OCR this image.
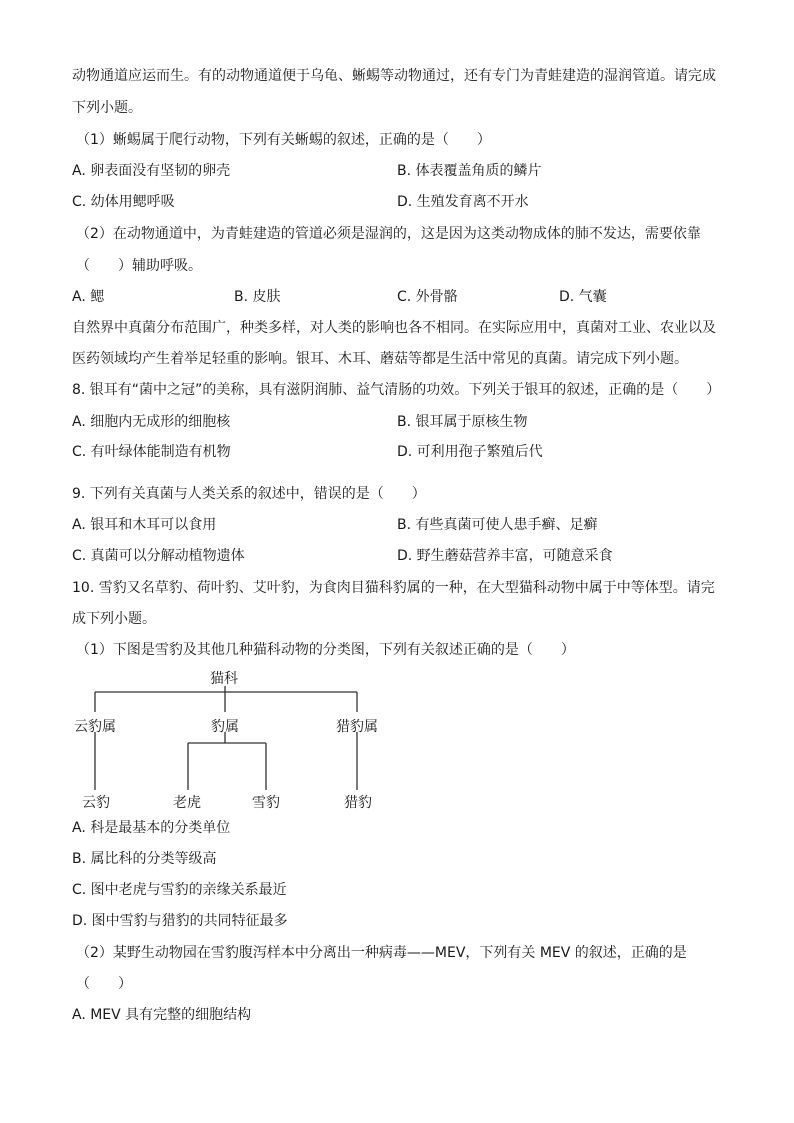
动物通道应运而生。有的动物通道便于乌龟、蜥蜴等动物通过，还有专门为青蛙建造的湿润管道。请完成
下列小题。
（1）蜥蜴属于爬行动物，下列有关蜥蜴的叙述，正确的是（　　）
A. 卵表面没有坚韧的卵壳	B. 体表覆盖角质的鳞片
C. 幼体用鳃呼吸	D. 生殖发育离不开水
（2）在动物通道中，为青蛙建造的管道必须是湿润的，这是因为这类动物成体的肺不发达，需要依靠
（　　）辅助呼吸。
A. 鳃	B. 皮肤	C. 外骨骼	D. 气囊
自然界中真菌分布范围广，种类多样，对人类的影响也各不相同。在实际应用中，真菌对工业、农业以及
医药领域均产生着举足轻重的影响。银耳、木耳、蘑菇等都是生活中常见的真菌。请完成下列小题。
8. 银耳有“菌中之冠”的美称，具有滋阴润肺、益气清肠的功效。下列关于银耳的叙述，正确的是（　　）
A. 细胞内无成形的细胞核	B. 银耳属于原核生物
C. 有叶绿体能制造有机物	D. 可利用孢子繁殖后代
9. 下列有关真菌与人类关系的叙述中，错误的是（　　）
A. 银耳和木耳可以食用	B. 有些真菌可使人患手癣、足癣
C. 真菌可以分解动植物遗体	D. 野生蘑菇营养丰富，可随意采食
10. 雪豹又名草豹、荷叶豹、艾叶豹，为食肉目猫科豹属的一种，在大型猫科动物中属于中等体型。请完
成下列小题。
（1）下图是雪豹及其他几种猫科动物的分类图，下列有关叙述正确的是（　　）
猫科
云豹属	豹属	猎豹属
云豹	老虎	雪豹	猎豹
A. 科是最基本的分类单位
B. 属比科的分类等级高
C. 图中老虎与雪豹的亲缘关系最近
D. 图中雪豹与猎豹的共同特征最多
（2）某野生动物园在雪豹腹泻样本中分离出一种病毒——MEV，下列有关 MEV 的叙述，正确的是
（　　）
A. MEV 具有完整的细胞结构
